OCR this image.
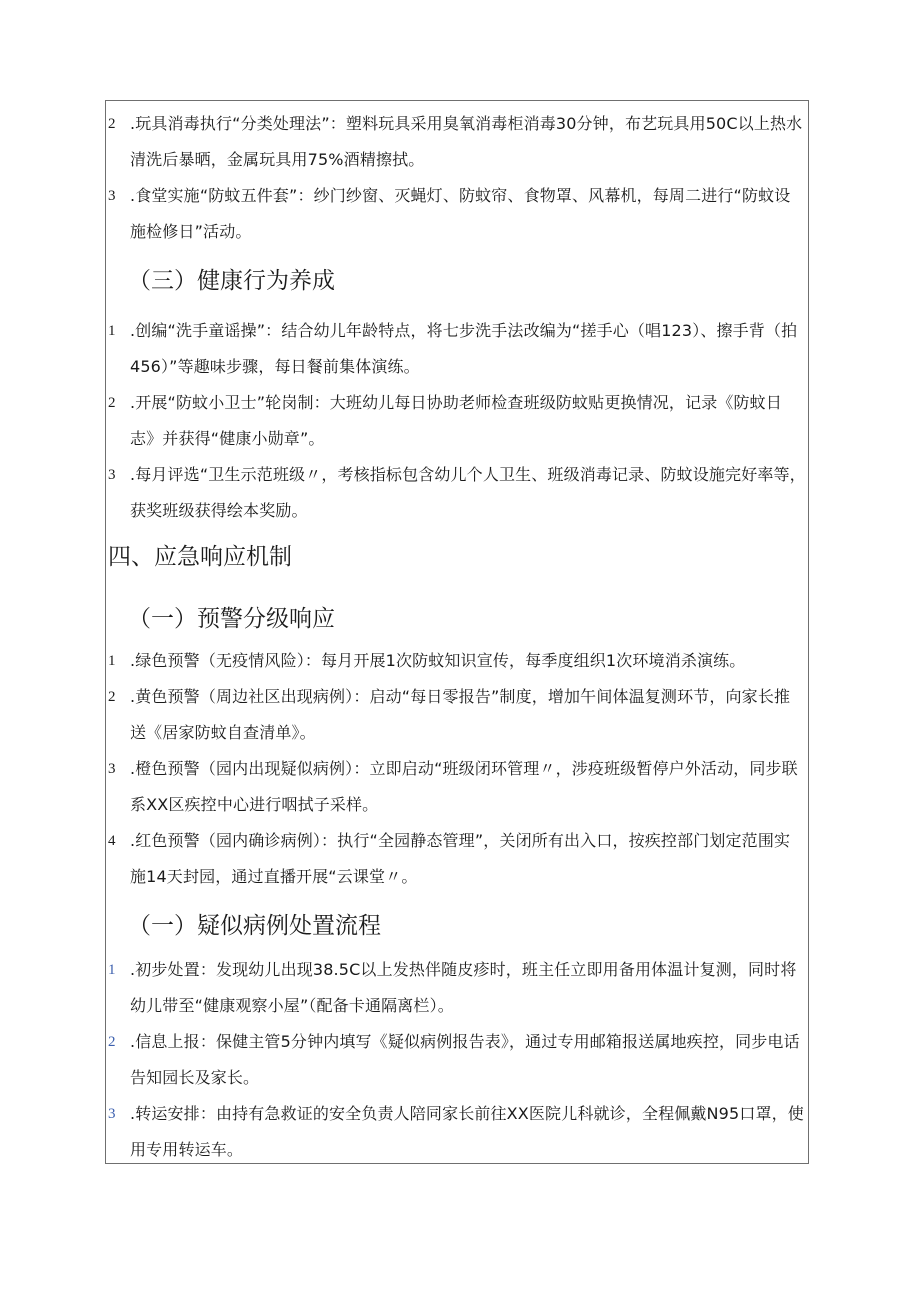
2 .玩具消毒执行“分类处理法”：塑料玩具采用臭氧消毒柜消毒30分钟，布艺玩具用50C以上热水清洗后暴晒，金属玩具用75%酒精擦拭。
3 .食堂实施“防蚊五件套”：纱门纱窗、灭蝇灯、防蚊帘、食物罩、风幕机，每周二进行“防蚊设施检修日”活动。
（三）健康行为养成
1 .创编“洗手童谣操”：结合幼儿年龄特点，将七步洗手法改编为“搓手心（唱123）、擦手背（拍456）”等趣味步骤，每日餐前集体演练。
2 .开展“防蚊小卫士”轮岗制：大班幼儿每日协助老师检查班级防蚊贴更换情况，记录《防蚊日志》并获得“健康小勋章”。
3 .每月评选“卫生示范班级〃，考核指标包含幼儿个人卫生、班级消毒记录、防蚊设施完好率等，获奖班级获得绘本奖励。
四、应急响应机制
（一）预警分级响应
1 .绿色预警（无疫情风险）：每月开展1次防蚊知识宣传，每季度组织1次环境消杀演练。
2 .黄色预警（周边社区出现病例）：启动“每日零报告”制度，增加午间体温复测环节，向家长推送《居家防蚊自查清单》。
3 .橙色预警（园内出现疑似病例）：立即启动“班级闭环管理〃，涉疫班级暂停户外活动，同步联系XX区疾控中心进行咽拭子采样。
4 .红色预警（园内确诊病例）：执行“全园静态管理”，关闭所有出入口，按疾控部门划定范围实施14天封园，通过直播开展“云课堂〃。
（一）疑似病例处置流程
1 .初步处置：发现幼儿出现38.5C以上发热伴随皮疹时，班主任立即用备用体温计复测，同时将幼儿带至“健康观察小屋”（配备卡通隔离栏）。
2 .信息上报：保健主管5分钟内填写《疑似病例报告表》，通过专用邮箱报送属地疾控，同步电话告知园长及家长。
3 .转运安排：由持有急救证的安全负责人陪同家长前往XX医院儿科就诊，全程佩戴N95口罩，使用专用转运车。
